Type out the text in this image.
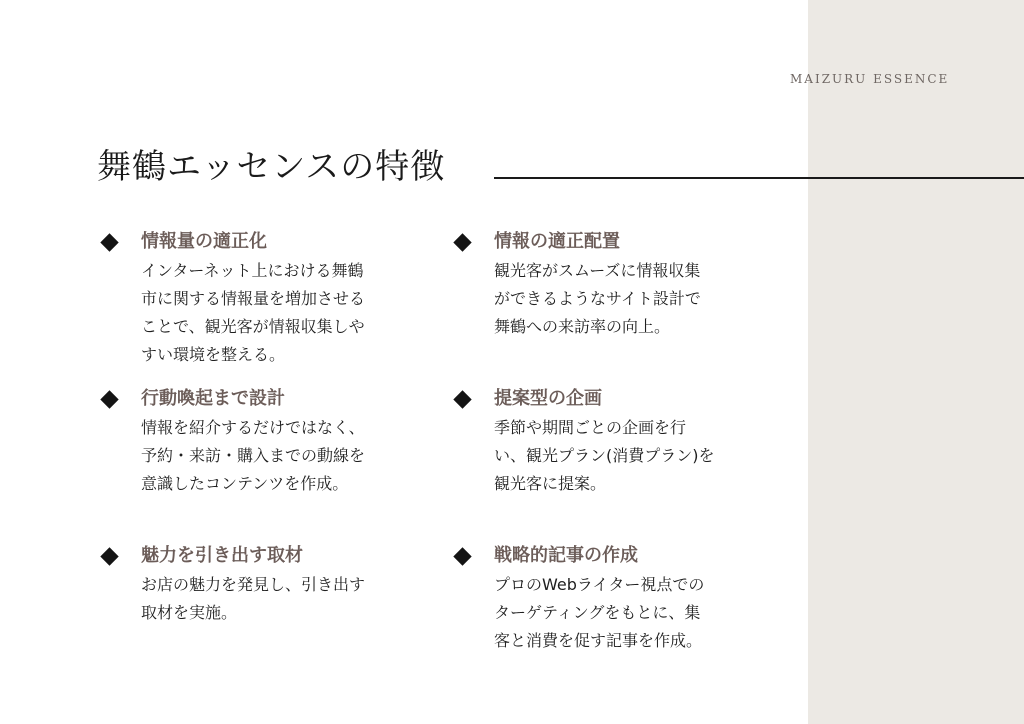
MAIZURU ESSENCE
舞鶴エッセンスの特徴
情報量の適正化

インターネット上における舞鶴
市に関する情報量を増加させる
ことで、観光客が情報収集しや
すい環境を整える。

情報の適正配置

観光客がスムーズに情報収集
ができるようなサイト設計で
舞鶴への来訪率の向上。

行動喚起まで設計

情報を紹介するだけではなく、
予約・来訪・購入までの動線を
意識したコンテンツを作成。

提案型の企画

季節や期間ごとの企画を行
い、観光プラン(消費プラン)を
観光客に提案。

魅力を引き出す取材

お店の魅力を発見し、引き出す
取材を実施。

戦略的記事の作成

プロのWebライター視点での
ターゲティングをもとに、集
客と消費を促す記事を作成。
